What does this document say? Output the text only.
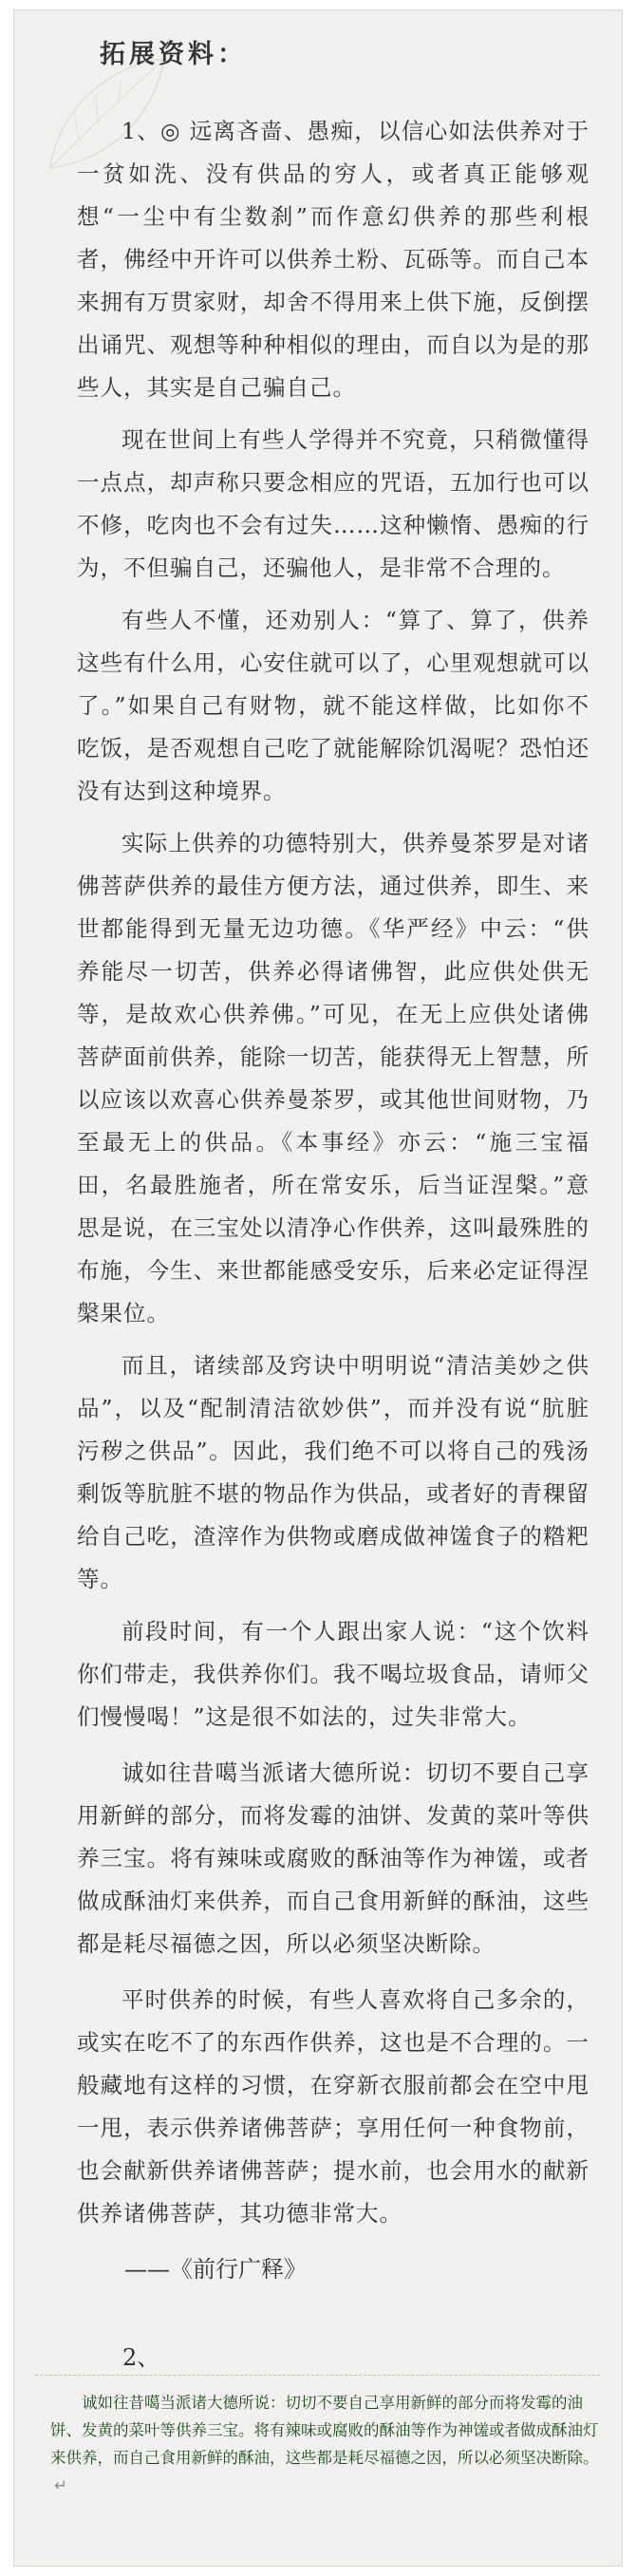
拓展资料：

1、◎ 远离吝啬、愚痴，以信心如法供养对于一贫如洗、没有供品的穷人，或者真正能够观想“一尘中有尘数刹”而作意幻供养的那些利根者，佛经中开许可以供养土粉、瓦砾等。而自己本来拥有万贯家财，却舍不得用来上供下施，反倒摆出诵咒、观想等种种相似的理由，而自以为是的那些人，其实是自己骗自己。

现在世间上有些人学得并不究竟，只稍微懂得一点点，却声称只要念相应的咒语，五加行也可以不修，吃肉也不会有过失……这种懒惰、愚痴的行为，不但骗自己，还骗他人，是非常不合理的。

有些人不懂，还劝别人：“算了、算了，供养这些有什么用，心安住就可以了，心里观想就可以了。”如果自己有财物，就不能这样做，比如你不吃饭，是否观想自己吃了就能解除饥渴呢？恐怕还没有达到这种境界。

实际上供养的功德特别大，供养曼茶罗是对诸佛菩萨供养的最佳方便方法，通过供养，即生、来世都能得到无量无边功德。《华严经》中云：“供养能尽一切苦，供养必得诸佛智，此应供处供无等，是故欢心供养佛。”可见，在无上应供处诸佛菩萨面前供养，能除一切苦，能获得无上智慧，所以应该以欢喜心供养曼茶罗，或其他世间财物，乃至最无上的供品。《本事经》亦云：“施三宝福田，名最胜施者，所在常安乐，后当证涅槃。”意思是说，在三宝处以清净心作供养，这叫最殊胜的布施，今生、来世都能感受安乐，后来必定证得涅槃果位。

而且，诸续部及窍诀中明明说“清洁美妙之供品”，以及“配制清洁欲妙供”，而并没有说“肮脏污秽之供品”。因此，我们绝不可以将自己的残汤剩饭等肮脏不堪的物品作为供品，或者好的青稞留给自己吃，渣滓作为供物或磨成做神馐食子的糌粑等。

前段时间，有一个人跟出家人说：“这个饮料你们带走，我供养你们。我不喝垃圾食品，请师父们慢慢喝！”这是很不如法的，过失非常大。

诚如往昔噶当派诸大德所说：切切不要自己享用新鲜的部分，而将发霉的油饼、发黄的菜叶等供养三宝。将有辣味或腐败的酥油等作为神馐，或者做成酥油灯来供养，而自己食用新鲜的酥油，这些都是耗尽福德之因，所以必须坚决断除。

平时供养的时候，有些人喜欢将自己多余的，或实在吃不了的东西作供养，这也是不合理的。一般藏地有这样的习惯，在穿新衣服前都会在空中甩一甩，表示供养诸佛菩萨；享用任何一种食物前，也会献新供养诸佛菩萨；提水前，也会用水的献新供养诸佛菩萨，其功德非常大。

——《前行广释》
2、

诚如往昔噶当派诸大德所说：切切不要自己享用新鲜的部分而将发霉的油饼、发黄的菜叶等供养三宝。将有辣味或腐败的酥油等作为神馐或者做成酥油灯来供养，而自己食用新鲜的酥油，这些都是耗尽福德之因，所以必须坚决断除。↵
